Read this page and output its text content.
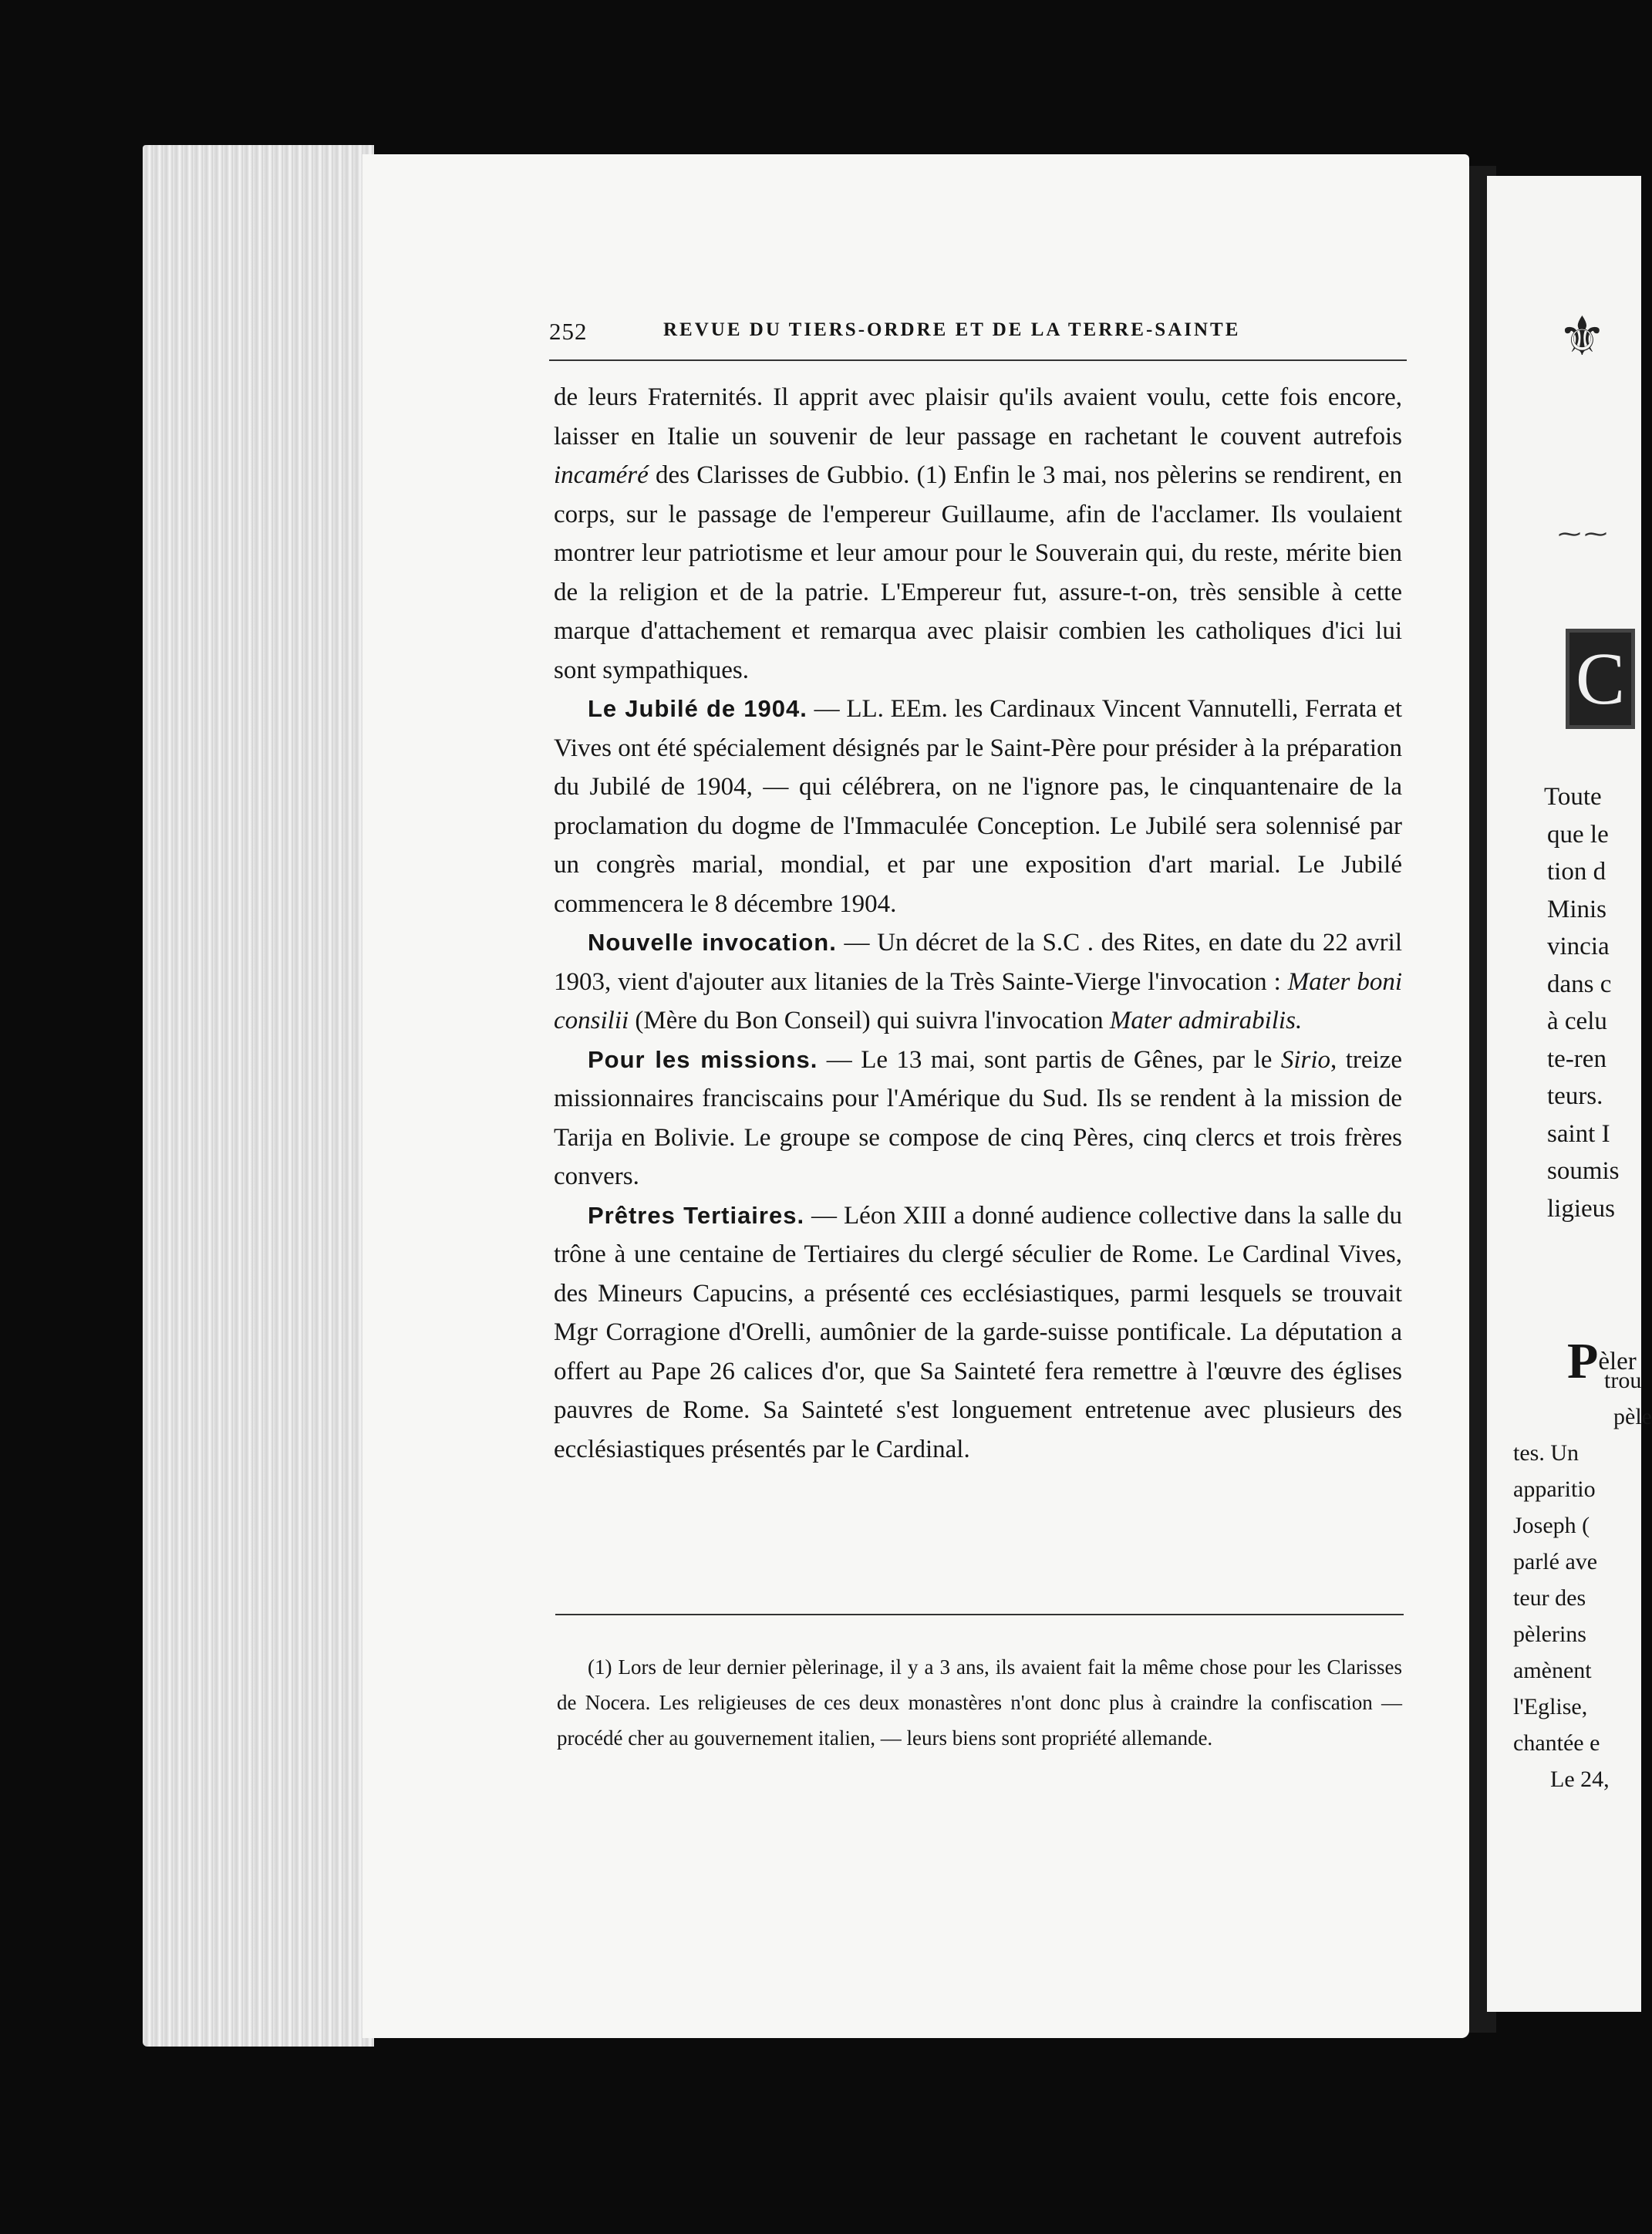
252	REVUE DU TIERS-ORDRE ET DE LA TERRE-SAINTE

de leurs Fraternités. Il apprit avec plaisir qu'ils avaient voulu, cette fois encore, laisser en Italie un souvenir de leur passage en rachetant le couvent autrefois incaméré des Clarisses de Gubbio. (1) Enfin le 3 mai, nos pèlerins se rendirent, en corps, sur le passage de l'empereur Guillaume, afin de l'acclamer. Ils voulaient montrer leur patriotisme et leur amour pour le Souverain qui, du reste, mérite bien de la religion et de la patrie. L'Empereur fut, assure-t-on, très sensible à cette marque d'attachement et remarqua avec plaisir combien les catholiques d'ici lui sont sympathiques.

Le Jubilé de 1904. — LL. EEm. les Cardinaux Vincent Vannutelli, Ferrata et Vives ont été spécialement désignés par le Saint-Père pour présider à la préparation du Jubilé de 1904, — qui célébrera, on ne l'ignore pas, le cinquantenaire de la proclamation du dogme de l'Immaculée Conception. Le Jubilé sera solennisé par un congrès marial, mondial, et par une exposition d'art marial. Le Jubilé commencera le 8 décembre 1904.

Nouvelle invocation. — Un décret de la S.C . des Rites, en date du 22 avril 1903, vient d'ajouter aux litanies de la Très Sainte-Vierge l'invocation : Mater boni consilii (Mère du Bon Conseil) qui suivra l'invocation Mater admirabilis.

Pour les missions. — Le 13 mai, sont partis de Gênes, par le Sirio, treize missionnaires franciscains pour l'Amérique du Sud. Ils se rendent à la mission de Tarija en Bolivie. Le groupe se compose de cinq Pères, cinq clercs et trois frères convers.

Prêtres Tertiaires. — Léon XIII a donné audience collective dans la salle du trône à une centaine de Tertiaires du clergé séculier de Rome. Le Cardinal Vives, des Mineurs Capucins, a présenté ces ecclésiastiques, parmi lesquels se trouvait Mgr Corragione d'Orelli, aumônier de la garde-suisse pontificale. La députation a offert au Pape 26 calices d'or, que Sa Sainteté fera remettre à l'œuvre des églises pauvres de Rome. Sa Sainteté s'est longuement entretenue avec plusieurs des ecclésiastiques présentés par le Cardinal.

(1) Lors de leur dernier pèlerinage, il y a 3 ans, ils avaient fait la même chose pour les Clarisses de Nocera. Les religieuses de ces deux monastères n'ont donc plus à craindre la confiscation — procédé cher au gouvernement italien, — leurs biens sont propriété allemande.

⚜
⁓⁓
C
Toute
que le
tion d
Minis
vincia
dans c
à celu
te-ren
teurs.
saint I
soumis
ligieus
$P^{èler}$
trou
pèle
tes. Un
apparitio
Joseph (
parlé ave
teur des
pèlerins
amènent
l'Eglise,
chantée e
Le 24,
